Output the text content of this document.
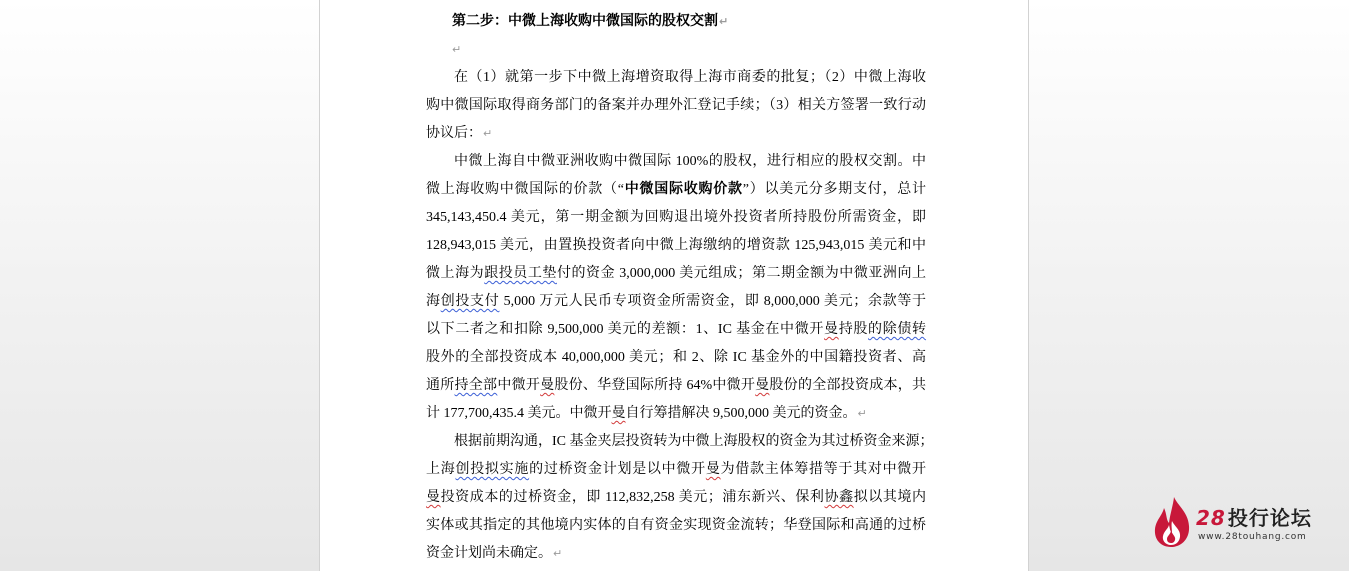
第二步：中微上海收购中微国际的股权交割↵
↵
在（1）就第一步下中微上海增资取得上海市商委的批复；（2）中微上海收
购中微国际取得商务部门的备案并办理外汇登记手续；（3）相关方签署一致行动
协议后：↵
中微上海自中微亚洲收购中微国际 100%的股权，进行相应的股权交割。中
微上海收购中微国际的价款（“中微国际收购价款”）以美元分多期支付，总计
345,143,450.4 美元，第一期金额为回购退出境外投资者所持股份所需资金，即
128,943,015 美元，由置换投资者向中微上海缴纳的增资款 125,943,015 美元和中
微上海为跟投员工垫付的资金 3,000,000 美元组成；第二期金额为中微亚洲向上
海创投支付 5,000 万元人民币专项资金所需资金，即 8,000,000 美元；余款等于
以下二者之和扣除 9,500,000 美元的差额：1、IC 基金在中微开曼持股的除债转
股外的全部投资成本 40,000,000 美元；和 2、除 IC 基金外的中国籍投资者、高
通所持全部中微开曼股份、华登国际所持 64%中微开曼股份的全部投资成本，共
计 177,700,435.4 美元。中微开曼自行筹措解决 9,500,000 美元的资金。↵
根据前期沟通，IC 基金夹层投资转为中微上海股权的资金为其过桥资金来源；
上海创投拟实施的过桥资金计划是以中微开曼为借款主体筹措等于其对中微开
曼投资成本的过桥资金，即 112,832,258 美元；浦东新兴、保利协鑫拟以其境内
实体或其指定的其他境内实体的自有资金实现资金流转；华登国际和高通的过桥
资金计划尚未确定。↵
28 投行论坛
www.28touhang.com
